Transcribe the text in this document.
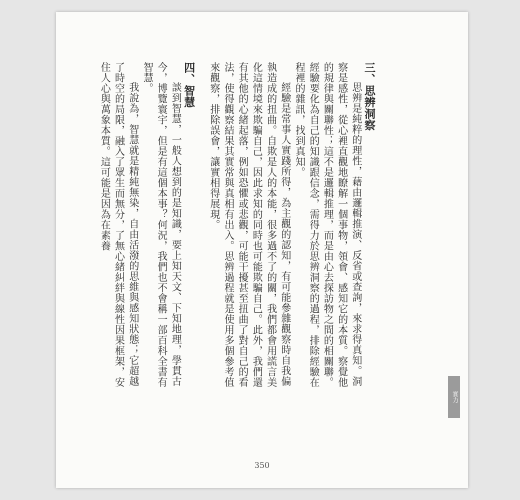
三、思辨洞察
思辨是純粹的理性，藉由邏輯推演、反省或查詢，來求得真知。洞察是感性，從心裡直觀地瞭解一個事物，領會、感知它的本質。察覺他的規律與關聯性；這不是邏輯推理，而是由心去探訪物之間的相關聯。經驗要化為自己的知識跟信念，需得力於思辨洞察的過程，排除經驗在程裡的雜訊，找到真知。
經驗是常事人實踐所得，為主觀的認知，有可能參雜觀察時自我偏執造成的扭曲。自欺是人的本能，很多過不了的關，我們都會用謊言美化這情境來欺騙自己，因此求知的同時也可能欺騙自己。此外，我們還有其他的心緒起落，例如恐懼或悲觀，可能干擾甚至扭曲了對自己的看法，使得觀察結果其實常與真相有出入。思辨過程就是使用多個參考值來觀察，排除誤會，讓實相得展現。
四、智慧
談到智慧，一般人想到的是知識，要上知天文、下知地理，學貫古今，博覽寰宇，但是有這個本事？何況，我們也不會稱一部百科全書有智慧。
我說為，智慧就是精純無染，自由活潑的思維與感知狀態；它超越了時空的局限，融入了眾生而無分，了無心緒糾絆與線性因果框架，安住人心與萬象本質。這可能是因為在素養
350
實力
